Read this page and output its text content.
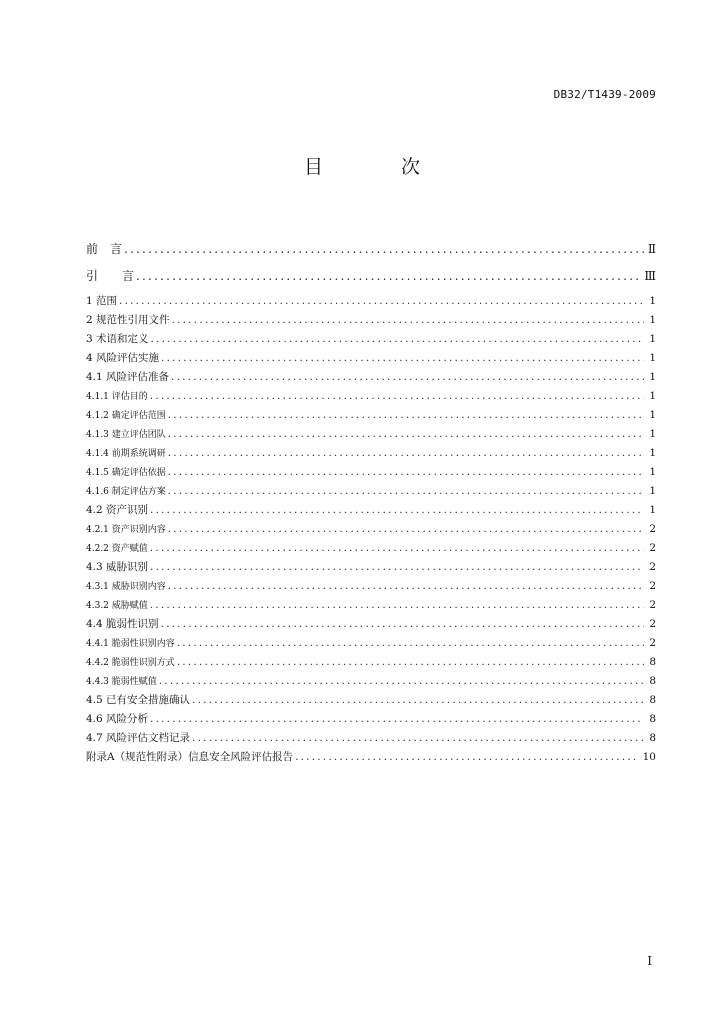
DB32/T1439-2009
目 次
前　言 .....	Ⅱ
引　　言 .....	Ⅲ
1 范围 .....	1
2 规范性引用文件 .....	1
3 术语和定义 .....	1
4 风险评估实施 .....	1
4.1 风险评估准备 .....	1
4.1.1 评估目的 .....	1
4.1.2 确定评估范围 .....	1
4.1.3 建立评估团队 .....	1
4.1.4 前期系统调研 .....	1
4.1.5 确定评估依据 .....	1
4.1.6 制定评估方案 .....	1
4.2 资产识别 .....	1
4.2.1 资产识别内容 .....	2
4.2.2 资产赋值 .....	2
4.3 威胁识别 .....	2
4.3.1 威胁识别内容 .....	2
4.3.2 威胁赋值 .....	2
4.4 脆弱性识别 .....	2
4.4.1 脆弱性识别内容 .....	2
4.4.2 脆弱性识别方式 .....	8
4.4.3 脆弱性赋值 .....	8
4.5 已有安全措施确认 .....	8
4.6 风险分析 .....	8
4.7 风险评估文档记录 .....	8
附录A（规范性附录）信息安全风险评估报告 .....	10
I
